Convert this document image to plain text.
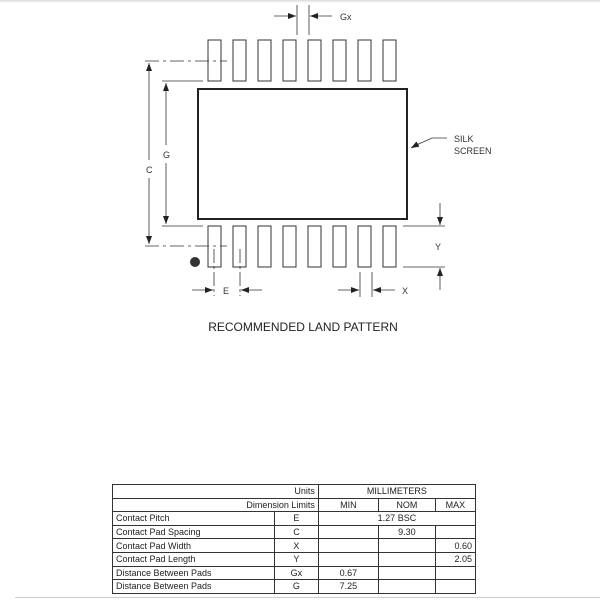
Gx
G
C
SILK
SCREEN
Y
E	X
RECOMMENDED LAND PATTERN
Units		MILLIMETERS		
Dimension Limits		MIN	NOM	MAX
Contact Pitch	E	1.27 BSC		
Contact Pad Spacing	C		9.30	
Contact Pad Width	X			0.60
Contact Pad Length	Y			2.05
Distance Between Pads	Gx	0.67		
Distance Between Pads	G	7.25		
